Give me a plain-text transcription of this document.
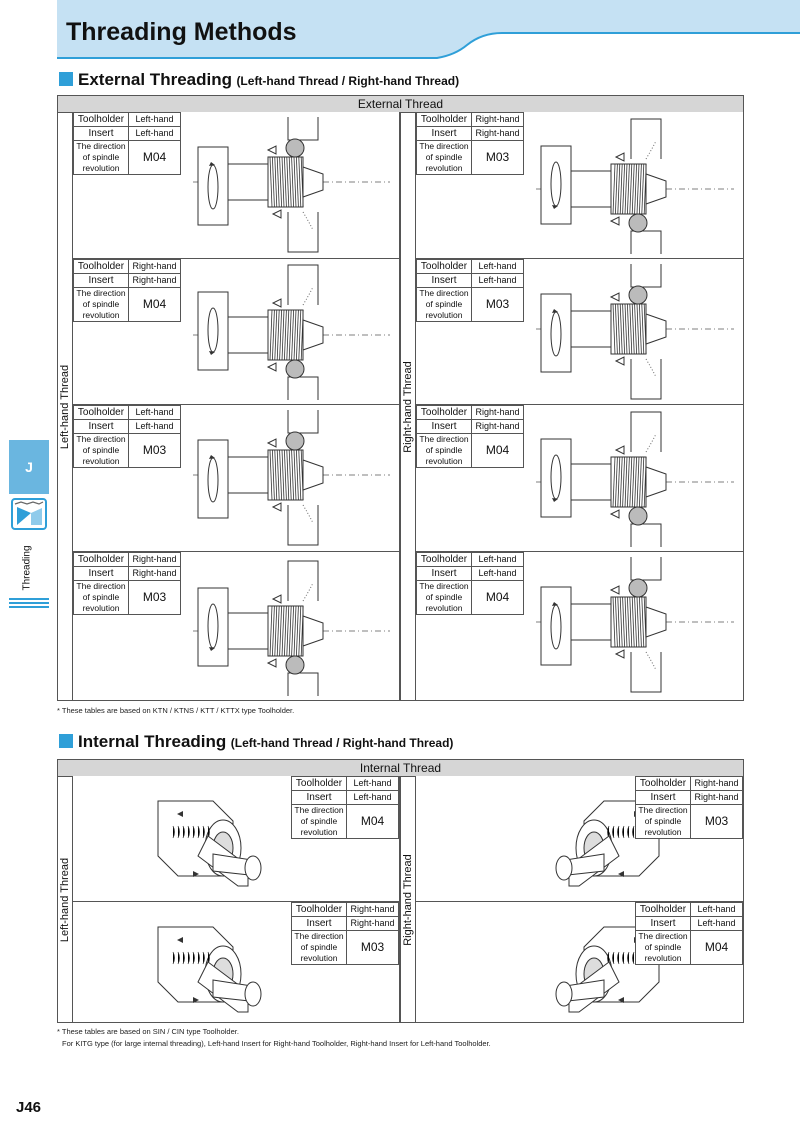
Threading Methods
External Threading (Left-hand Thread / Right-hand Thread)
External Thread
Left-hand Thread	Right-hand Thread
Toolholder	Left-hand
Insert	Left-hand
The direction of spindle revolution	M04
Toolholder	Right-hand
Insert	Right-hand
The direction of spindle revolution	M03
Toolholder	Right-hand
Insert	Right-hand
The direction of spindle revolution	M04
Toolholder	Left-hand
Insert	Left-hand
The direction of spindle revolution	M03
Toolholder	Left-hand
Insert	Left-hand
The direction of spindle revolution	M03
Toolholder	Right-hand
Insert	Right-hand
The direction of spindle revolution	M04
Toolholder	Right-hand
Insert	Right-hand
The direction of spindle revolution	M03
Toolholder	Left-hand
Insert	Left-hand
The direction of spindle revolution	M04
* These tables are based on KTN / KTNS / KTT / KTTX type Toolholder.
Internal Threading (Left-hand Thread / Right-hand Thread)
Internal Thread
Left-hand Thread	Right-hand Thread
Toolholder	Left-hand
Insert	Left-hand
The direction of spindle revolution	M04
Toolholder	Right-hand
Insert	Right-hand
The direction of spindle revolution	M03
Toolholder	Right-hand
Insert	Right-hand
The direction of spindle revolution	M03
Toolholder	Left-hand
Insert	Left-hand
The direction of spindle revolution	M04
* These tables are based on SIN / CIN type Toolholder.
For KITG type (for large internal threading), Left-hand Insert for Right-hand Toolholder, Right-hand Insert for Left-hand Toolholder.
J
Threading
J46
